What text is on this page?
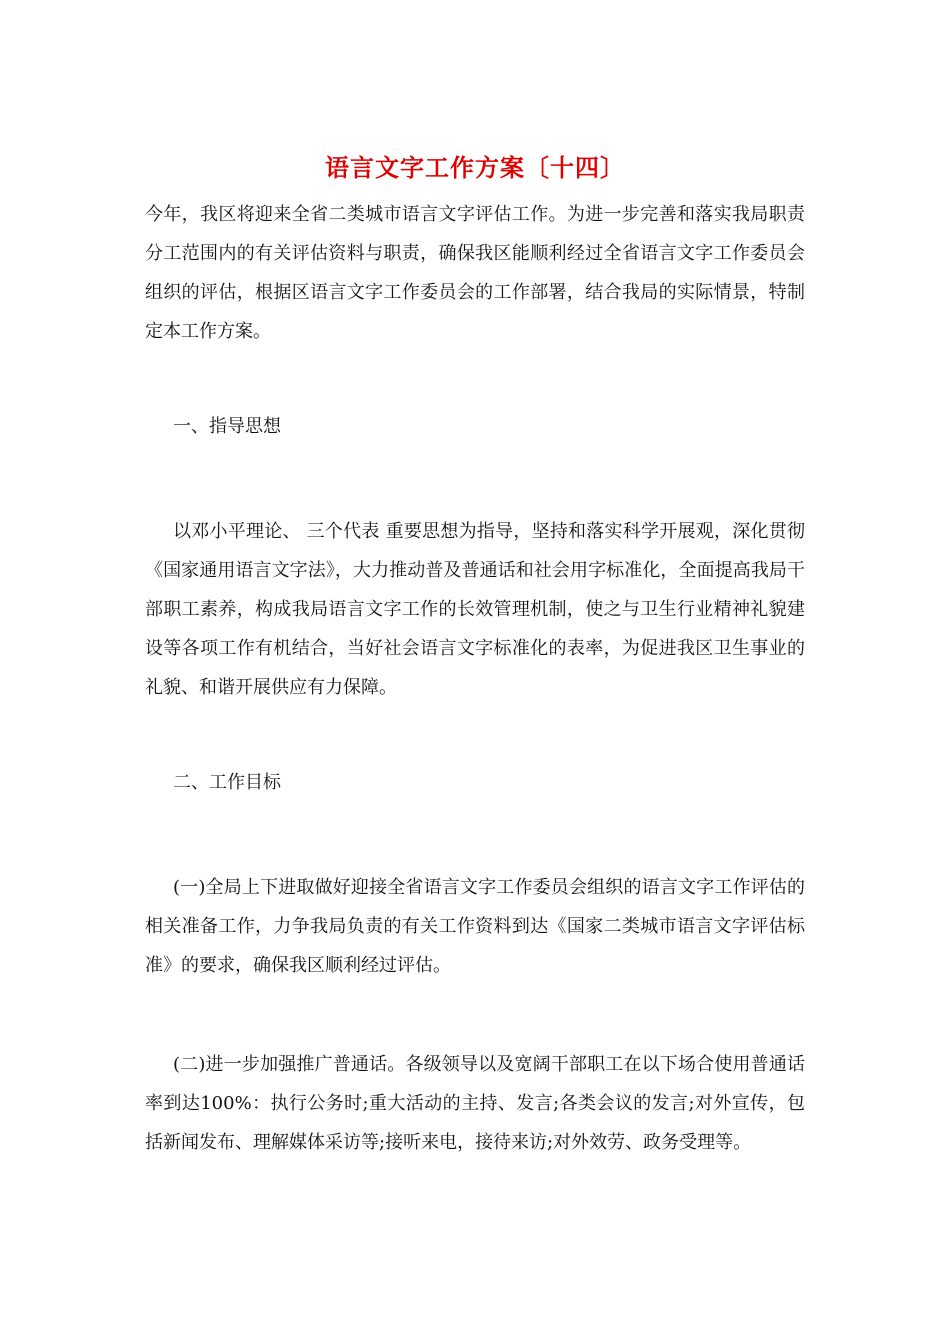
语言文字工作方案〔十四〕

今年，我区将迎来全省二类城市语言文字评估工作。为进一步完善和落实我局职责分工范围内的有关评估资料与职责，确保我区能顺利经过全省语言文字工作委员会组织的评估，根据区语言文字工作委员会的工作部署，结合我局的实际情景，特制定本工作方案。

一、指导思想

以邓小平理论、 三个代表 重要思想为指导，坚持和落实科学开展观，深化贯彻《国家通用语言文字法》，大力推动普及普通话和社会用字标准化，全面提高我局干部职工素养，构成我局语言文字工作的长效管理机制，使之与卫生行业精神礼貌建设等各项工作有机结合，当好社会语言文字标准化的表率，为促进我区卫生事业的礼貌、和谐开展供应有力保障。

二、工作目标

(一)全局上下进取做好迎接全省语言文字工作委员会组织的语言文字工作评估的相关准备工作，力争我局负责的有关工作资料到达《国家二类城市语言文字评估标准》的要求，确保我区顺利经过评估。

(二)进一步加强推广普通话。各级领导以及宽阔干部职工在以下场合使用普通话率到达100%：执行公务时;重大活动的主持、发言;各类会议的发言;对外宣传，包括新闻发布、理解媒体采访等;接听来电，接待来访;对外效劳、政务受理等。
